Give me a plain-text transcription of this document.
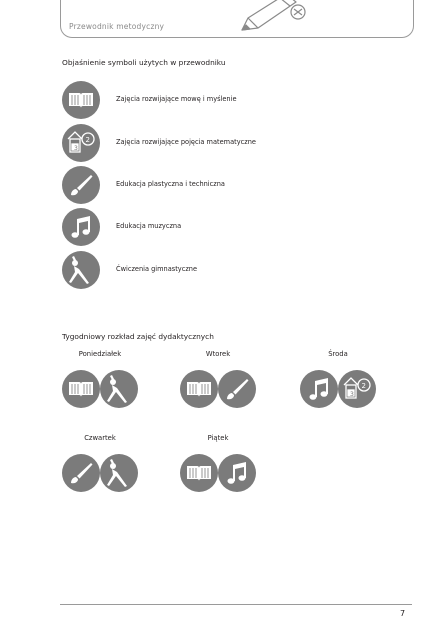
Przewodnik metodyczny
Objaśnienie symboli użytych w przewodniku
Zajęcia rozwijające mowę i myślenie
3
2	Zajęcia rozwijające pojęcia matematyczne
Edukacja plastyczna i techniczna
Edukacja muzyczna
Ćwiczenia gimnastyczne
Tygodniowy rozkład zajęć dydaktycznych
Poniedziałek	Wtorek	Środa
3
2
Czwartek	Piątek
7
